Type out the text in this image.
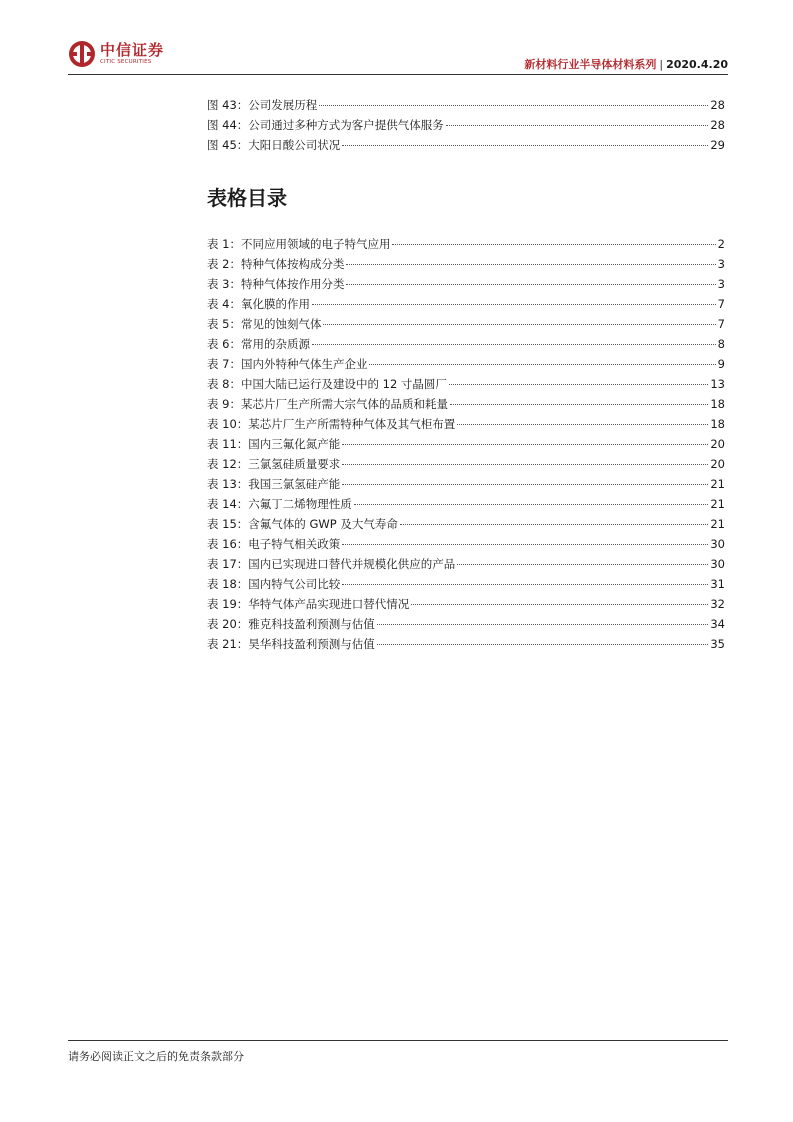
中信证券
CITIC SECURITIES	新材料行业半导体材料系列 | 2020.4.20
图 43：公司发展历程	28
图 44：公司通过多种方式为客户提供气体服务	28
图 45：大阳日酸公司状况	29
表格目录
表 1：不同应用领域的电子特气应用	2
表 2：特种气体按构成分类	3
表 3：特种气体按作用分类	3
表 4：氧化膜的作用	7
表 5：常见的蚀刻气体	7
表 6：常用的杂质源	8
表 7：国内外特种气体生产企业	9
表 8：中国大陆已运行及建设中的 12 寸晶圆厂	13
表 9：某芯片厂生产所需大宗气体的品质和耗量	18
表 10：某芯片厂生产所需特种气体及其气柜布置	18
表 11：国内三氟化氮产能	20
表 12：三氯氢硅质量要求	20
表 13：我国三氯氢硅产能	21
表 14：六氟丁二烯物理性质	21
表 15：含氟气体的 GWP 及大气寿命	21
表 16：电子特气相关政策	30
表 17：国内已实现进口替代并规模化供应的产品	30
表 18：国内特气公司比较	31
表 19：华特气体产品实现进口替代情况	32
表 20：雅克科技盈利预测与估值	34
表 21：昊华科技盈利预测与估值	35
请务必阅读正文之后的免责条款部分
